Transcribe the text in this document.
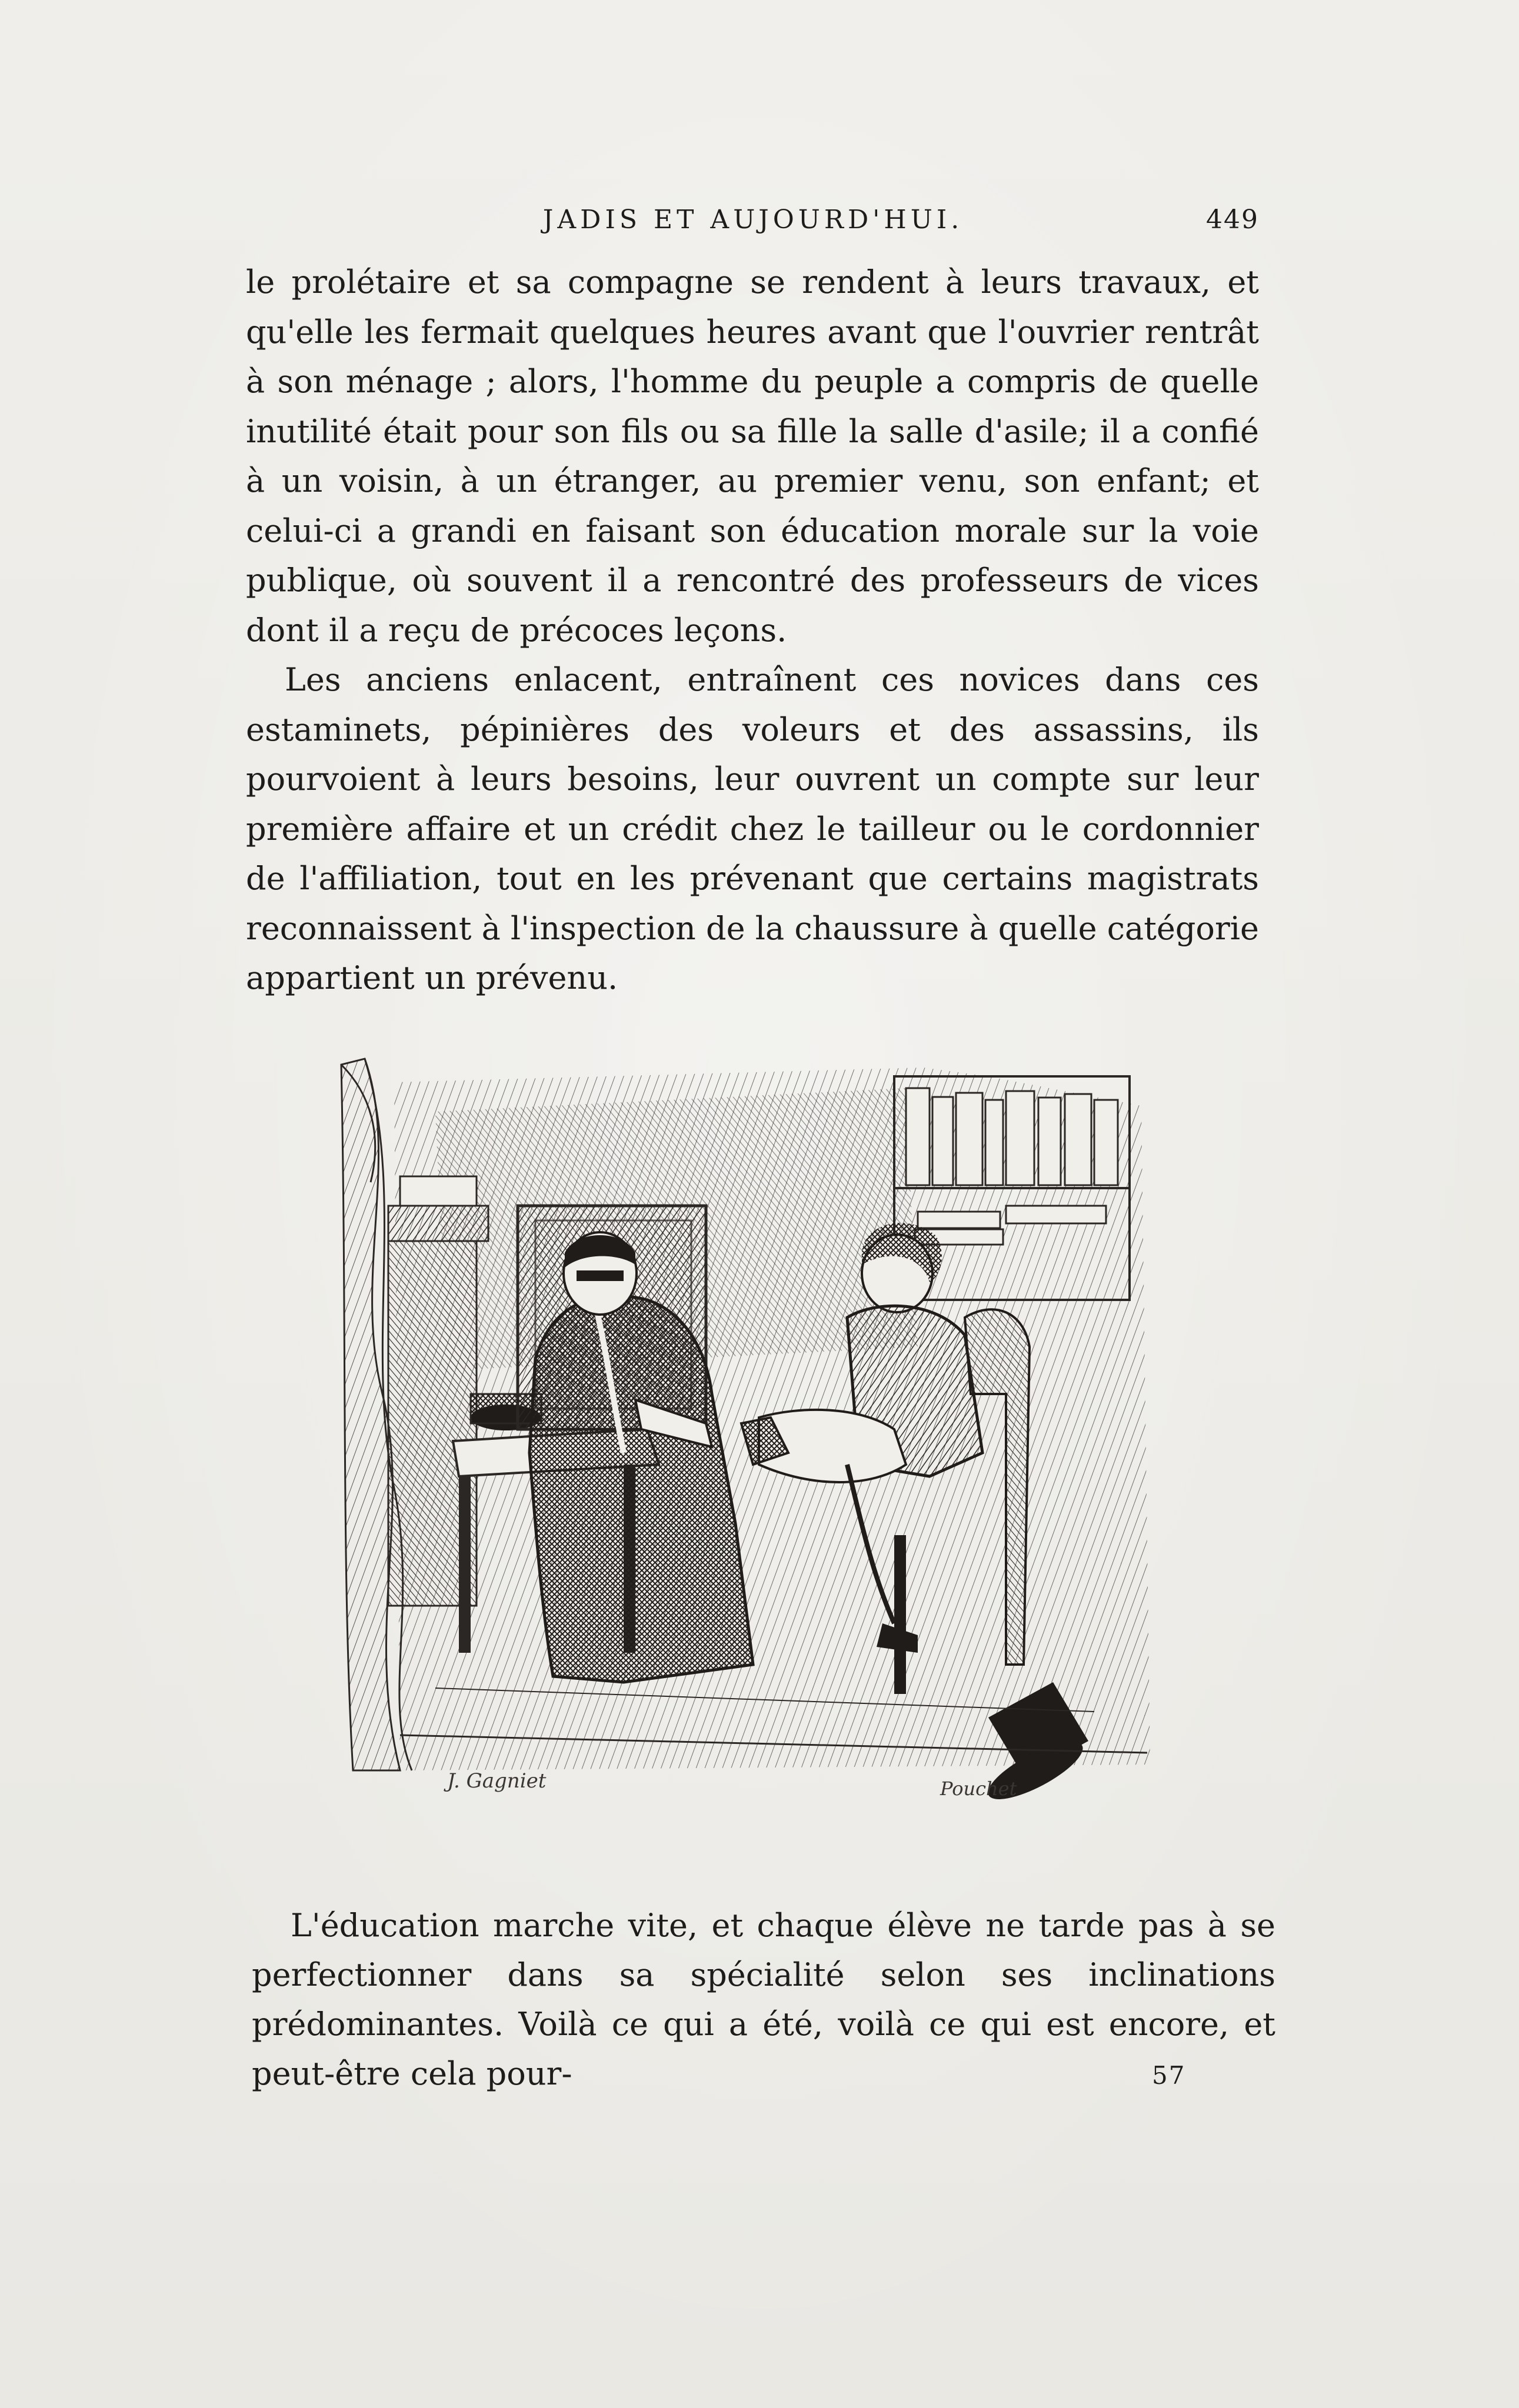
JADIS ET AUJOURD'HUI.	449

le prolétaire et sa compagne se rendent à leurs travaux, et qu'elle les fermait quelques heures avant que l'ouvrier rentrât à son ménage ; alors, l'homme du peuple a compris de quelle inutilité était pour son fils ou sa fille la salle d'asile; il a confié à un voisin, à un étranger, au premier venu, son enfant; et celui-ci a grandi en faisant son éducation morale sur la voie publique, où souvent il a rencontré des professeurs de vices dont il a reçu de précoces leçons.

Les anciens enlacent, entraînent ces novices dans ces estaminets, pépinières des voleurs et des assassins, ils pourvoient à leurs besoins, leur ouvrent un compte sur leur première affaire et un crédit chez le tailleur ou le cordonnier de l'affiliation, tout en les prévenant que certains magistrats reconnaissent à l'inspection de la chaussure à quelle catégorie appartient un prévenu.

J. Gagniet	Pouchet

L'éducation marche vite, et chaque élève ne tarde pas à se perfectionner dans sa spécialité selon ses inclinations prédominantes. Voilà ce qui a été, voilà ce qui est encore, et peut-être cela pour-	57
